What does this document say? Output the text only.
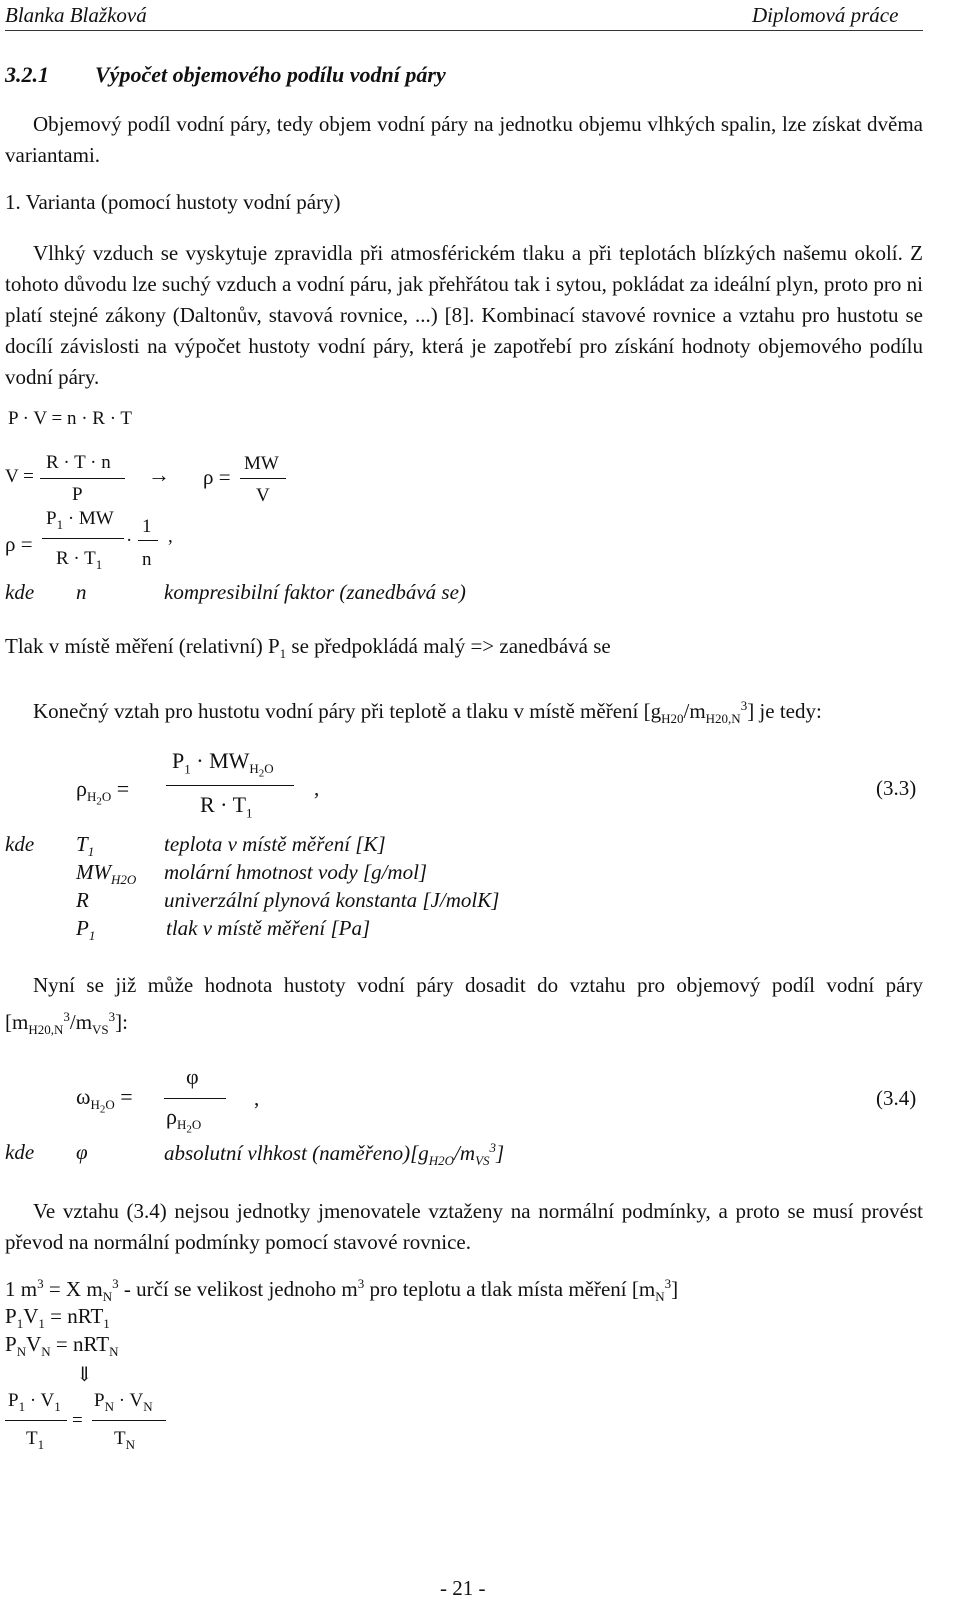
Blanka Blažková	Diplomová práce
3.2.1 Výpočet objemového podílu vodní páry
Objemový podíl vodní páry, tedy objem vodní páry na jednotku objemu vlhkých spalin, lze získat dvěma variantami.
1. Varianta (pomocí hustoty vodní páry)
Vlhký vzduch se vyskytuje zpravidla při atmosférickém tlaku a při teplotách blízkých našemu okolí. Z tohoto důvodu lze suchý vzduch a vodní páru, jak přehřátou tak i sytou, pokládat za ideální plyn, proto pro ni platí stejné zákony (Daltonův, stavová rovnice, ...) [8]. Kombinací stavové rovnice a vztahu pro hustotu se docílí závislosti na výpočet hustoty vodní páry, která je zapotřebí pro získání hodnoty objemového podílu vodní páry.
P · V = n · R · T
V =
R · T · n
P
→ ρ =
MW
V
ρ =
$P_1$ · MW
$R \cdot T_1$
·
1
n
,
kde n	kompresibilní faktor (zanedbává se)
Tlak v místě měření (relativní) $P_1$ se předpokládá malý => zanedbává se
Konečný vztah pro hustotu vodní páry při teplotě a tlaku v místě měření $[g_{H20}/m_{H20,N}^3]$ je tedy:
$\rho_{H_2O}$ =
$P_1 \cdot MW_{H_2O}$
$R \cdot T_1$
,	(3.3)
kde $T_1$	teplota v místě měření [K]
$MW_{H2O}$ molární hmotnost vody [g/mol]
R	univerzální plynová konstanta [J/molK]
$P_1$	tlak v místě měření [Pa]
Nyní se již může hodnota hustoty vodní páry dosadit do vztahu pro objemový podíl vodní páry $[m_{H20,N}^3/m_{VS}^3]$:
$\omega_{H_2O}$ =
φ
$\rho_{H_2O}$
,	(3.4)
kde φ	absolutní vlhkost $(naměřeno)[g_{H2O}/m_{VS}^3]$
Ve vztahu (3.4) nejsou jednotky jmenovatele vztaženy na normální podmínky, a proto se musí provést převod na normální podmínky pomocí stavové rovnice.
1 $m^3 = X$ $m_N^3$ - určí se velikost jednoho $m^3$ pro teplotu a tlak místa měření $[m_N^3]$
$P_1V_1 = nRT_1$
$P_NV_N = nRT_N$
⇓
$P_1 \cdot V_1$
$T_1$
=
$P_N \cdot V_N$
$T_N$
- 21 -
